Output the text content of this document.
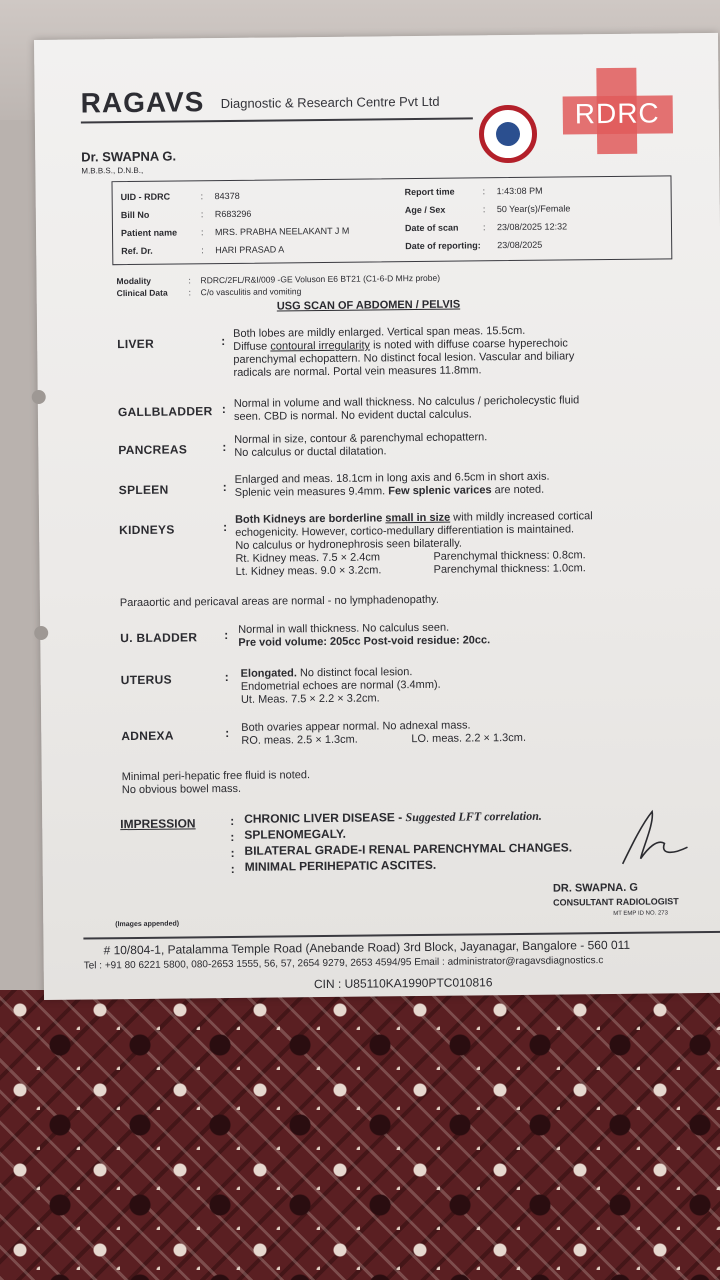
RAGAVS Diagnostic & Research Centre Pvt Ltd	RDRC
Dr. SWAPNA G.
M.B.B.S., D.N.B.,
UID - RDRC	: 84378
Bill No	: R683296
Patient name	: MRS. PRABHA NEELAKANT J M
Ref. Dr.	: HARI PRASAD A
Report time	: 1:43:08 PM
Age / Sex	: 50 Year(s)/Female
Date of scan	: 23/08/2025 12:32
Date of reporting: 23/08/2025
Modality	: RDRC/2FL/R&I/009 -GE Voluson E6 BT21 (C1-6-D MHz probe)
Clinical Data : C/o vasculitis and vomiting
USG SCAN OF ABDOMEN / PELVIS
LIVER	:
Both lobes are mildly enlarged. Vertical span meas. 15.5cm.
Diffuse contoural irregularity is noted with diffuse coarse hyperechoic
parenchymal echopattern. No distinct focal lesion. Vascular and biliary
radicals are normal. Portal vein measures 11.8mm.
GALLBLADDER : Normal in volume and wall thickness. No calculus / pericholecystic fluid
seen. CBD is normal. No evident ductal calculus.
PANCREAS	:
Normal in size, contour & parenchymal echopattern.
No calculus or ductal dilatation.
SPLEEN	:
Enlarged and meas. 18.1cm in long axis and 6.5cm in short axis.
Splenic vein measures 9.4mm. Few splenic varices are noted.
KIDNEYS	:
Both Kidneys are borderline small in size with mildly increased cortical
echogenicity. However, cortico-medullary differentiation is maintained.
No calculus or hydronephrosis seen bilaterally.
Rt. Kidney meas. 7.5 × 2.4cm	Parenchymal thickness: 0.8cm.
Lt. Kidney meas. 9.0 × 3.2cm.	Parenchymal thickness: 1.0cm.
Paraaortic and pericaval areas are normal - no lymphadenopathy.
U. BLADDER : Normal in wall thickness. No calculus seen.
Pre void volume: 205cc Post-void residue: 20cc.
UTERUS	: Elongated. No distinct focal lesion.
Endometrial echoes are normal (3.4mm).
Ut. Meas. 7.5 × 2.2 × 3.2cm.
ADNEXA	: Both ovaries appear normal. No adnexal mass.
RO. meas. 2.5 × 1.3cm.	LO. meas. 2.2 × 1.3cm.
Minimal peri-hepatic free fluid is noted.
No obvious bowel mass.
IMPRESSION	: CHRONIC LIVER DISEASE - Suggested LFT correlation.
: SPLENOMEGALY.
: BILATERAL GRADE-I RENAL PARENCHYMAL CHANGES.
: MINIMAL PERIHEPATIC ASCITES.
DR. SWAPNA. G
CONSULTANT RADIOLOGIST
MT EMP ID NO. 273
(Images appended)
# 10/804-1, Patalamma Temple Road (Anebande Road) 3rd Block, Jayanagar, Bangalore - 560 011
Tel : +91 80 6221 5800, 080-2653 1555, 56, 57, 2654 9279, 2653 4594/95 Email : administrator@ragavsdiagnostics.c
CIN : U85110KA1990PTC010816
